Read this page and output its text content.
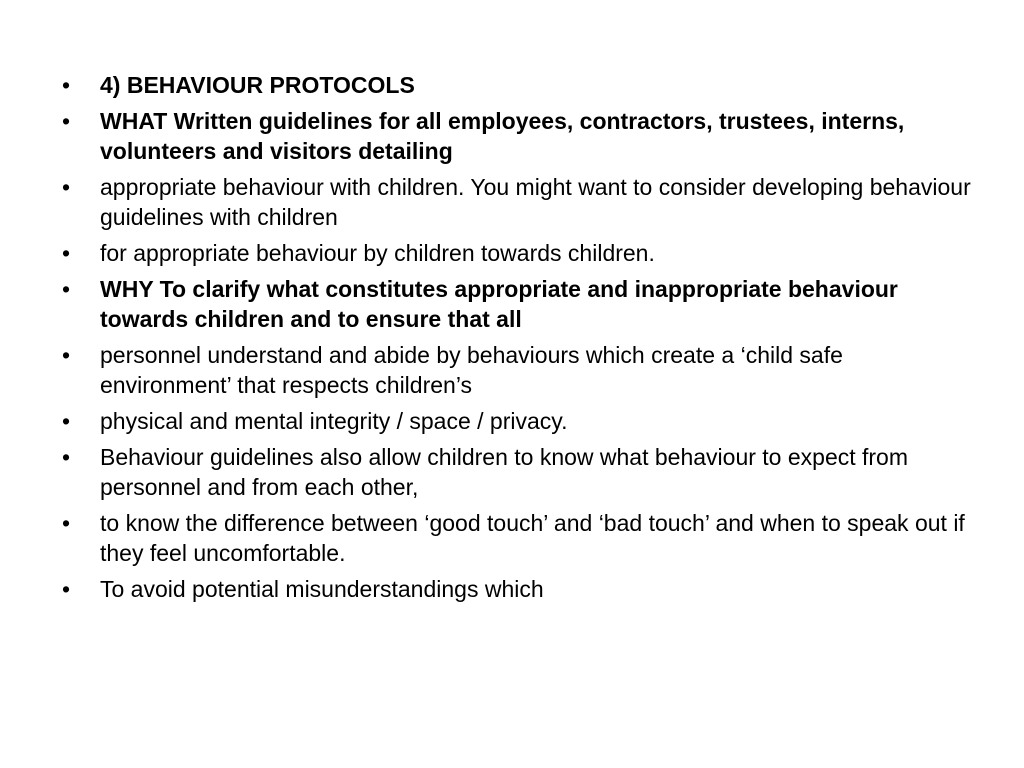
•	4) BEHAVIOUR PROTOCOLS
•	WHAT Written guidelines for all employees, contractors, trustees, interns, volunteers and visitors detailing
•	appropriate behaviour with children. You might want to consider developing behaviour guidelines with children
•	for appropriate behaviour by children towards children.
•	WHY To clarify what constitutes appropriate and inappropriate behaviour towards children and to ensure that all
•	personnel understand and abide by behaviours which create a ‘child safe environment’ that respects children’s
•	physical and mental integrity / space / privacy.
•	Behaviour guidelines also allow children to know what behaviour to expect from personnel and from each other,
•	to know the difference between ‘good touch’ and ‘bad touch’ and when to speak out if they feel uncomfortable.
•	To avoid potential misunderstandings which
